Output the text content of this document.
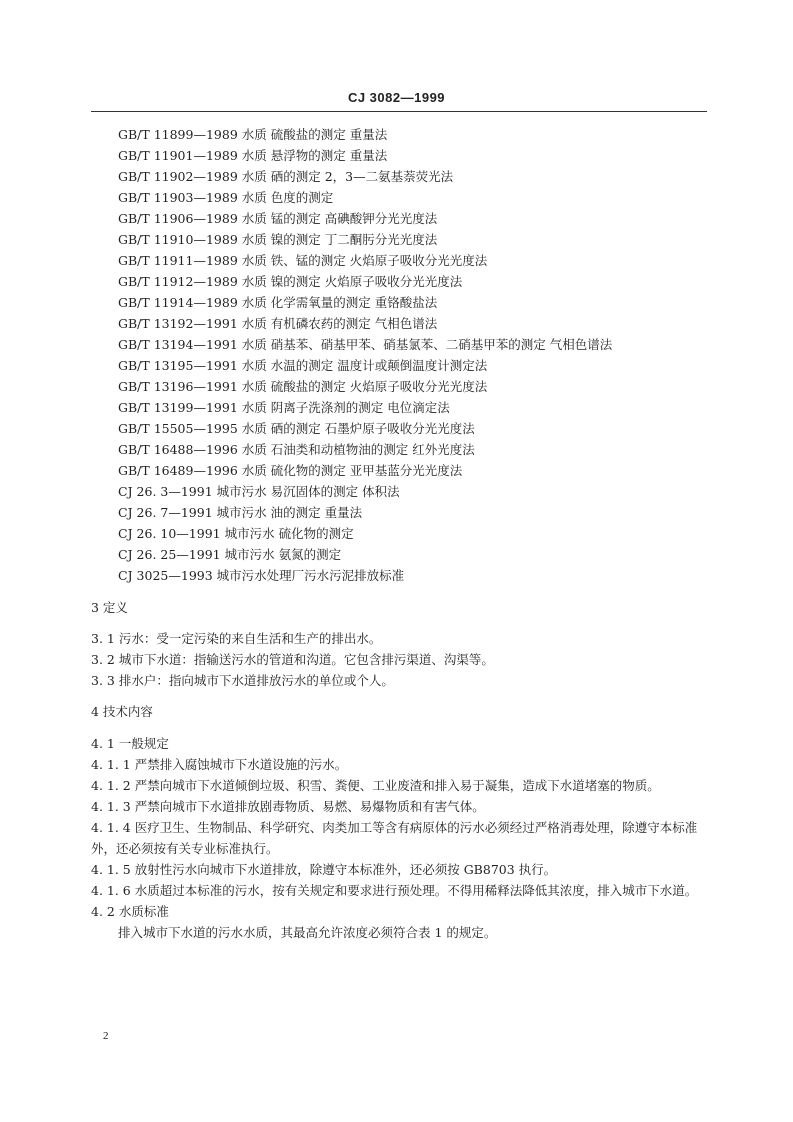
CJ 3082—1999
GB/T 11899—1989 水质 硫酸盐的测定 重量法
GB/T 11901—1989 水质 悬浮物的测定 重量法
GB/T 11902—1989 水质 硒的测定 2，3—二氨基萘荧光法
GB/T 11903—1989 水质 色度的测定
GB/T 11906—1989 水质 锰的测定 高碘酸钾分光光度法
GB/T 11910—1989 水质 镍的测定 丁二酮肟分光光度法
GB/T 11911—1989 水质 铁、锰的测定 火焰原子吸收分光光度法
GB/T 11912—1989 水质 镍的测定 火焰原子吸收分光光度法
GB/T 11914—1989 水质 化学需氧量的测定 重铬酸盐法
GB/T 13192—1991 水质 有机磷农药的测定 气相色谱法
GB/T 13194—1991 水质 硝基苯、硝基甲苯、硝基氯苯、二硝基甲苯的测定 气相色谱法
GB/T 13195—1991 水质 水温的测定 温度计或颠倒温度计测定法
GB/T 13196—1991 水质 硫酸盐的测定 火焰原子吸收分光光度法
GB/T 13199—1991 水质 阴离子洗涤剂的测定 电位滴定法
GB/T 15505—1995 水质 硒的测定 石墨炉原子吸收分光光度法
GB/T 16488—1996 水质 石油类和动植物油的测定 红外光度法
GB/T 16489—1996 水质 硫化物的测定 亚甲基蓝分光光度法
CJ 26. 3—1991 城市污水 易沉固体的测定 体积法
CJ 26. 7—1991 城市污水 油的测定 重量法
CJ 26. 10—1991 城市污水 硫化物的测定
CJ 26. 25—1991 城市污水 氨氮的测定
CJ 3025—1993 城市污水处理厂污水污泥排放标准
3 定义

3. 1 污水：受一定污染的来自生活和生产的排出水。

3. 2 城市下水道：指输送污水的管道和沟道。它包含排污渠道、沟渠等。

3. 3 排水户：指向城市下水道排放污水的单位或个人。

4 技术内容

4. 1 一般规定

4. 1. 1 严禁排入腐蚀城市下水道设施的污水。

4. 1. 2 严禁向城市下水道倾倒垃圾、积雪、粪便、工业废渣和排入易于凝集，造成下水道堵塞的物质。

4. 1. 3 严禁向城市下水道排放剧毒物质、易燃、易爆物质和有害气体。

4. 1. 4 医疗卫生、生物制品、科学研究、肉类加工等含有病原体的污水必须经过严格消毒处理，除遵守本标准外，还必须按有关专业标准执行。

4. 1. 5 放射性污水向城市下水道排放，除遵守本标准外，还必须按 GB8703 执行。

4. 1. 6 水质超过本标准的污水，按有关规定和要求进行预处理。不得用稀释法降低其浓度，排入城市下水道。

4. 2 水质标准

排入城市下水道的污水水质，其最高允许浓度必须符合表 1 的规定。

2
